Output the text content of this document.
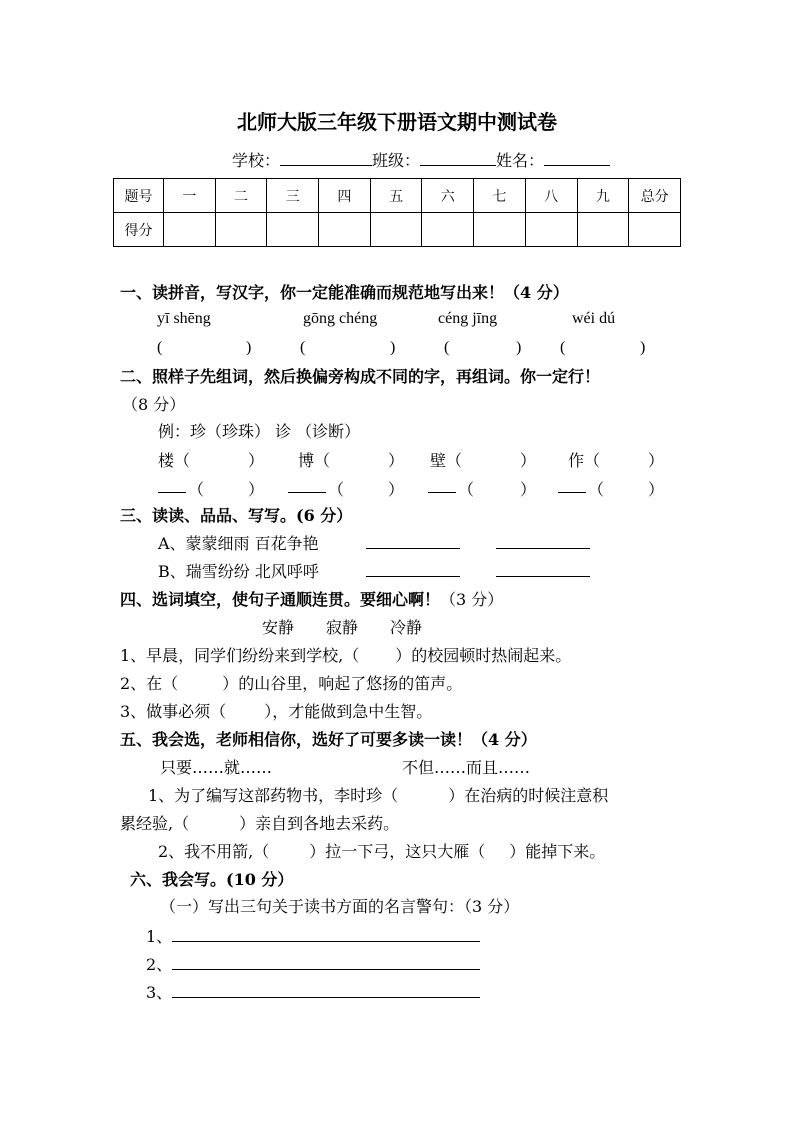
北师大版三年级下册语文期中测试卷
学校：	班级：	姓名：
题号	一	二	三	四	五	六	七	八	九	总分
得分										
一、读拼音，写汉字，你一定能准确而规范地写出来！（4 分）
yī shēng	gōng chéng	céng jīng	wéi dú
(	)	(	)	(	) (	)
二、照样子先组词，然后换偏旁构成不同的字，再组词。你一定行！
（8 分）
例：珍（珍珠） 诊 （诊断）
楼（	） 博（	） 壁（	） 作（	）
（	）	（	）	（	）	（	）
三、读读、品品、写写。(6 分）
A、蒙蒙细雨 百花争艳
B、瑞雪纷纷 北风呼呼
四、选词填空，使句子通顺连贯。要细心啊！（3 分）
安静 寂静 冷静
1、早晨，同学们纷纷来到学校,（ ）的校园顿时热闹起来。
2、在（	）的山谷里，响起了悠扬的笛声。
3、做事必须（ ），才能做到急中生智。
五、我会选，老师相信你，选好了可要多读一读！（4 分）
只要……就……	不但……而且……
1、为了编写这部药物书，李时珍（	）在治病的时候注意积
累经验,（	）亲自到各地去采药。
2、我不用箭,（	）拉一下弓，这只大雁（ ）能掉下来。
六、我会写。(10 分）
（一）写出三句关于读书方面的名言警句：（3 分）
1、
2、
3、
